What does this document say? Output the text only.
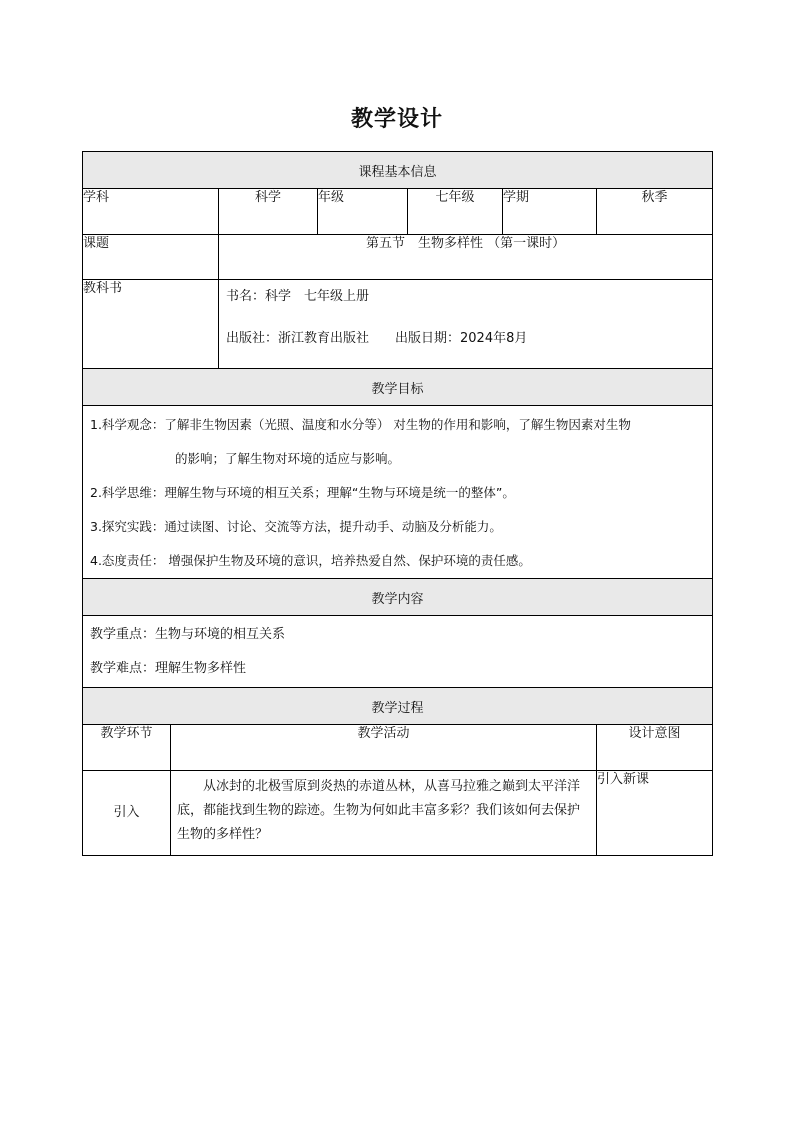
教学设计
课程基本信息						
学科		科学	年级	七年级	学期	秋季
课题		第五节　生物多样性 （第一课时）				
教科书		书名：科学　七年级上册
出版社：浙江教育出版社　　出版日期：2024年8月				

教学目标						

1.科学观念：了解非生物因素（光照、温度和水分等） 对生物的作用和影响，了解生物因素对生物
的影响；了解生物对环境的适应与影响。
2.科学思维：理解生物与环境的相互关系；理解“生物与环境是统一的整体”。
3.探究实践：通过读图、讨论、交流等方法，提升动手、动脑及分析能力。
4.态度责任： 增强保护生物及环境的意识，培养热爱自然、保护环境的责任感。						

教学内容						

教学重点：生物与环境的相互关系
教学难点：理解生物多样性						

教学过程						
教学环节	教学活动					设计意图
引入	从冰封的北极雪原到炎热的赤道丛林，从喜马拉雅之巅到太平洋洋底，都能找到生物的踪迹。生物为何如此丰富多彩？我们该如何去保护生物的多样性？					引入新课
